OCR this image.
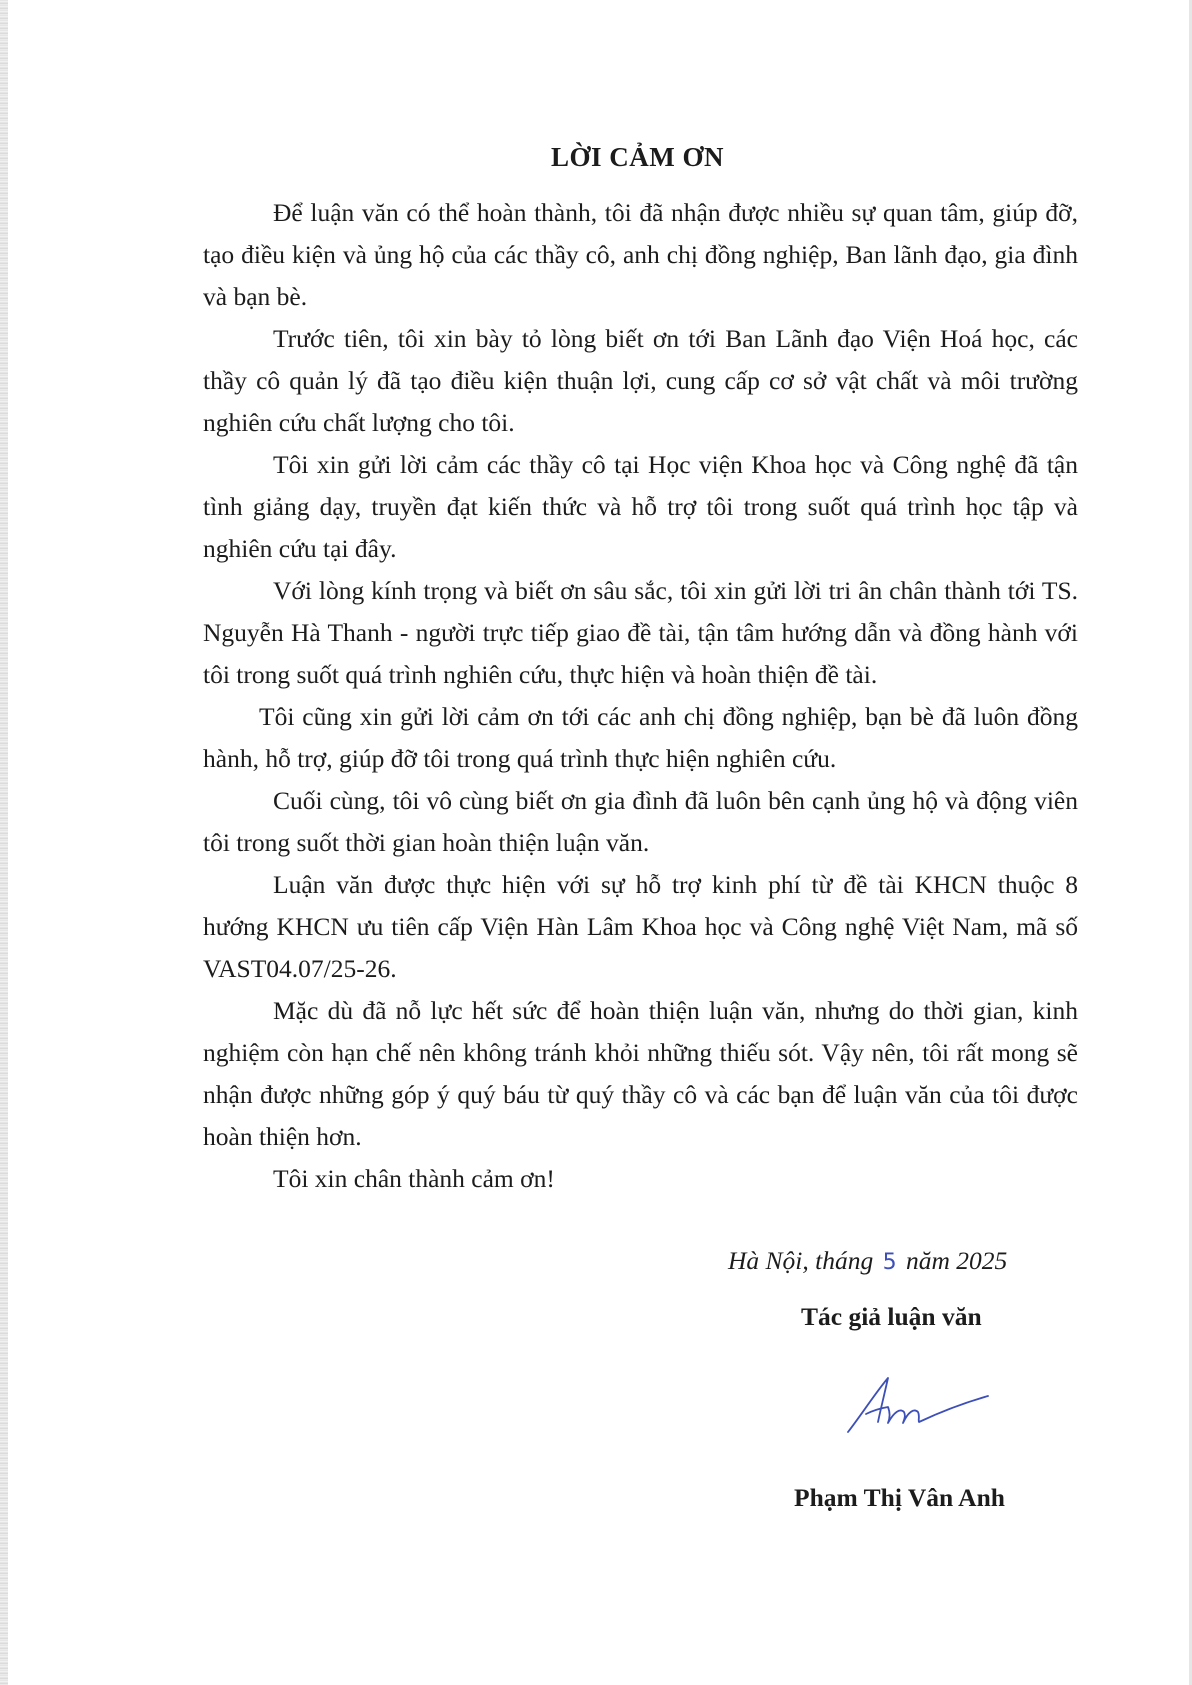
LỜI CẢM ƠN

Để luận văn có thể hoàn thành, tôi đã nhận được nhiều sự quan tâm, giúp đỡ, tạo điều kiện và ủng hộ của các thầy cô, anh chị đồng nghiệp, Ban lãnh đạo, gia đình và bạn bè.

Trước tiên, tôi xin bày tỏ lòng biết ơn tới Ban Lãnh đạo Viện Hoá học, các thầy cô quản lý đã tạo điều kiện thuận lợi, cung cấp cơ sở vật chất và môi trường nghiên cứu chất lượng cho tôi.

Tôi xin gửi lời cảm các thầy cô tại Học viện Khoa học và Công nghệ đã tận tình giảng dạy, truyền đạt kiến thức và hỗ trợ tôi trong suốt quá trình học tập và nghiên cứu tại đây.

Với lòng kính trọng và biết ơn sâu sắc, tôi xin gửi lời tri ân chân thành tới TS. Nguyễn Hà Thanh - người trực tiếp giao đề tài, tận tâm hướng dẫn và đồng hành với tôi trong suốt quá trình nghiên cứu, thực hiện và hoàn thiện đề tài.

Tôi cũng xin gửi lời cảm ơn tới các anh chị đồng nghiệp, bạn bè đã luôn đồng hành, hỗ trợ, giúp đỡ tôi trong quá trình thực hiện nghiên cứu.

Cuối cùng, tôi vô cùng biết ơn gia đình đã luôn bên cạnh ủng hộ và động viên tôi trong suốt thời gian hoàn thiện luận văn.

Luận văn được thực hiện với sự hỗ trợ kinh phí từ đề tài KHCN thuộc 8 hướng KHCN ưu tiên cấp Viện Hàn Lâm Khoa học và Công nghệ Việt Nam, mã số VAST04.07/25-26.

Mặc dù đã nỗ lực hết sức để hoàn thiện luận văn, nhưng do thời gian, kinh nghiệm còn hạn chế nên không tránh khỏi những thiếu sót. Vậy nên, tôi rất mong sẽ nhận được những góp ý quý báu từ quý thầy cô và các bạn để luận văn của tôi được hoàn thiện hơn.

Tôi xin chân thành cảm ơn!

Hà Nội, tháng 5 năm 2025
Tác giả luận văn
Phạm Thị Vân Anh
